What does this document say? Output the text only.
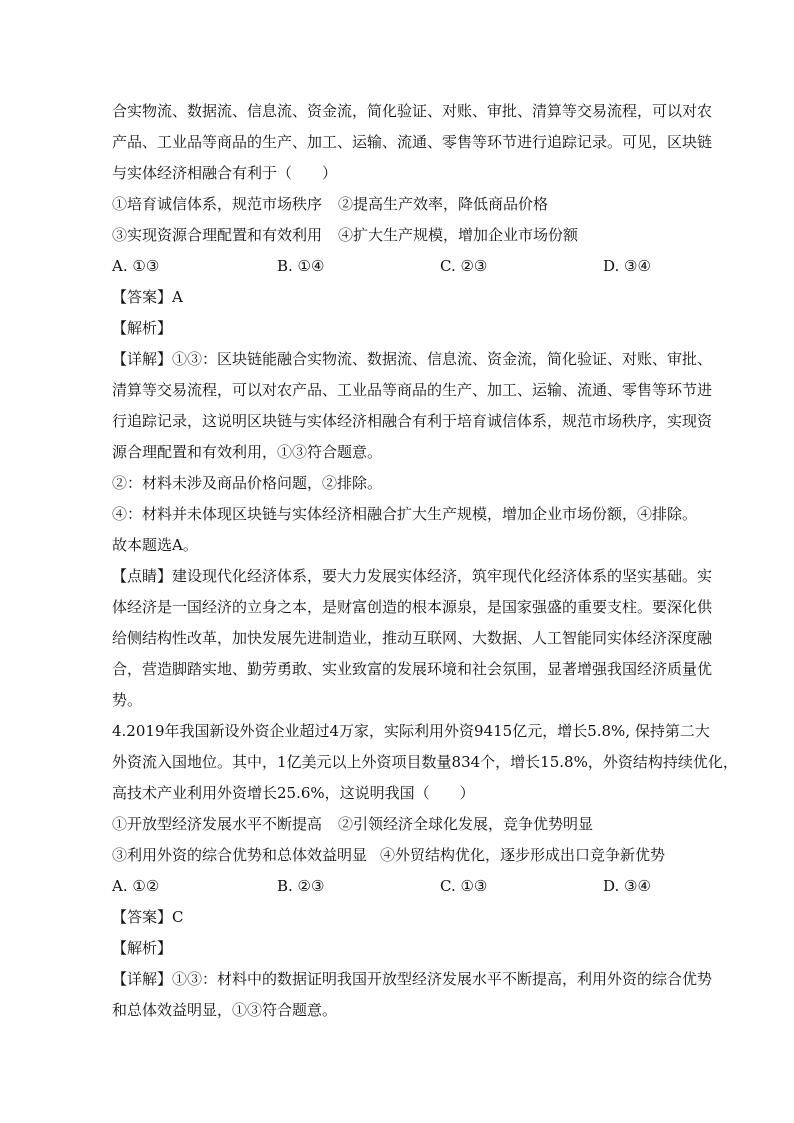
合实物流、数据流、信息流、资金流，简化验证、对账、审批、清算等交易流程，可以对农
产品、工业品等商品的生产、加工、运输、流通、零售等环节进行追踪记录。可见，区块链
与实体经济相融合有利于（　　）
①培育诚信体系，规范市场秩序	②提高生产效率，降低商品价格
③实现资源合理配置和有效利用	④扩大生产规模，增加企业市场份额
A. ①③	B. ①④	C. ②③	D. ③④
【答案】A
【解析】
【详解】①③：区块链能融合实物流、数据流、信息流、资金流，简化验证、对账、审批、
清算等交易流程，可以对农产品、工业品等商品的生产、加工、运输、流通、零售等环节进
行追踪记录，这说明区块链与实体经济相融合有利于培育诚信体系，规范市场秩序，实现资
源合理配置和有效利用，①③符合题意。
②：材料未涉及商品价格问题，②排除。
④：材料并未体现区块链与实体经济相融合扩大生产规模，增加企业市场份额，④排除。
故本题选A。
【点睛】建设现代化经济体系，要大力发展实体经济，筑牢现代化经济体系的坚实基础。实
体经济是一国经济的立身之本，是财富创造的根本源泉，是国家强盛的重要支柱。要深化供
给侧结构性改革，加快发展先进制造业，推动互联网、大数据、人工智能同实体经济深度融
合，营造脚踏实地、勤劳勇敢、实业致富的发展环境和社会氛围，显著增强我国经济质量优
势。
4.2019年我国新设外资企业超过4万家，实际利用外资9415亿元，增长5.8%, 保持第二大
外资流入国地位。其中，1亿美元以上外资项目数量834个，增长15.8%，外资结构持续优化，
高技术产业利用外资增长25.6%，这说明我国（　　）
①开放型经济发展水平不断提高	②引领经济全球化发展，竞争优势明显
③利用外资的综合优势和总体效益明显 ④外贸结构优化，逐步形成出口竞争新优势
A. ①②	B. ②③	C. ①③	D. ③④
【答案】C
【解析】
【详解】①③：材料中的数据证明我国开放型经济发展水平不断提高，利用外资的综合优势
和总体效益明显，①③符合题意。
